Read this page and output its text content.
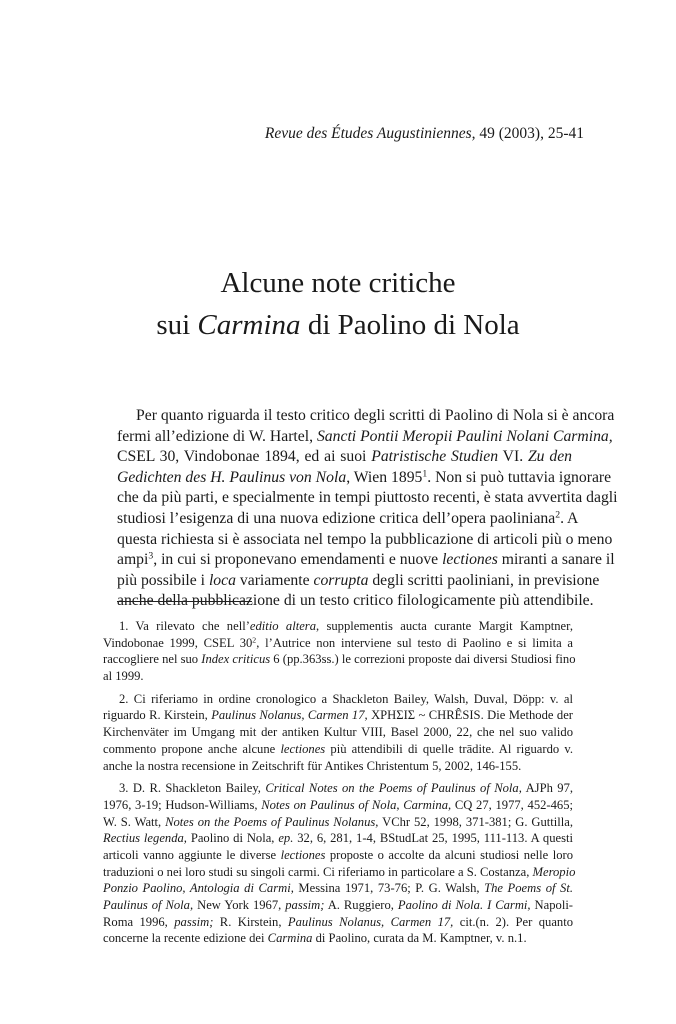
Revue des Études Augustiniennes, 49 (2003), 25-41
Alcune note critiche
sui Carmina di Paolino di Nola
Per quanto riguarda il testo critico degli scritti di Paolino di Nola si è ancora
fermi all’edizione di W. Hartel, Sancti Pontii Meropii Paulini Nolani Carmina,
CSEL 30, Vindobonae 1894, ed ai suoi Patristische Studien VI. Zu den
Gedichten des H. Paulinus von Nola, Wien 1895$^1$. Non si può tuttavia ignorare
che da più parti, e specialmente in tempi piuttosto recenti, è stata avvertita dagli
studiosi l’esigenza di una nuova edizione critica dell’opera paoliniana$^2$. A
questa richiesta si è associata nel tempo la pubblicazione di articoli più o meno
ampi$^3$, in cui si proponevano emendamenti e nuove lectiones miranti a sanare il
più possibile i loca variamente corrupta degli scritti paoliniani, in previsione
anche della pubblicazione di un testo critico filologicamente più attendibile.
1. Va rilevato che nell’editio altera, supplementis aucta curante Margit Kamptner,
Vindobonae 1999, CSEL $30^2$, l’Autrice non interviene sul testo di Paolino e si limita a
raccogliere nel suo Index criticus 6 (pp.363ss.) le correzioni proposte dai diversi Studiosi fino
al 1999.
2. Ci riferiamo in ordine cronologico a Shackleton Bailey, Walsh, Duval, Döpp: v. al
riguardo R. Kirstein, Paulinus Nolanus, Carmen 17, ΧΡΗΣΙΣ ~ CHRÊSIS. Die Methode der
Kirchenväter im Umgang mit der antiken Kultur VIII, Basel 2000, 22, che nel suo valido
commento propone anche alcune lectiones più attendibili di quelle trādite. Al riguardo v.
anche la nostra recensione in Zeitschrift für Antikes Christentum 5, 2002, 146-155.
3. D. R. Shackleton Bailey, Critical Notes on the Poems of Paulinus of Nola, AJPh 97,
1976, 3-19; Hudson-Williams, Notes on Paulinus of Nola, Carmina, CQ 27, 1977, 452-465;
W. S. Watt, Notes on the Poems of Paulinus Nolanus, VChr 52, 1998, 371-381; G. Guttilla,
Rectius legenda, Paolino di Nola, ep. 32, 6, 281, 1-4, BStudLat 25, 1995, 111-113. A questi
articoli vanno aggiunte le diverse lectiones proposte o accolte da alcuni studiosi nelle loro
traduzioni o nei loro studi su singoli carmi. Ci riferiamo in particolare a S. Costanza, Meropio
Ponzio Paolino, Antologia di Carmi, Messina 1971, 73-76; P. G. Walsh, The Poems of St.
Paulinus of Nola, New York 1967, passim; A. Ruggiero, Paolino di Nola. I Carmi, Napoli-
Roma 1996, passim; R. Kirstein, Paulinus Nolanus, Carmen 17, cit.(n. 2). Per quanto
concerne la recente edizione dei Carmina di Paolino, curata da M. Kamptner, v. n.1.
